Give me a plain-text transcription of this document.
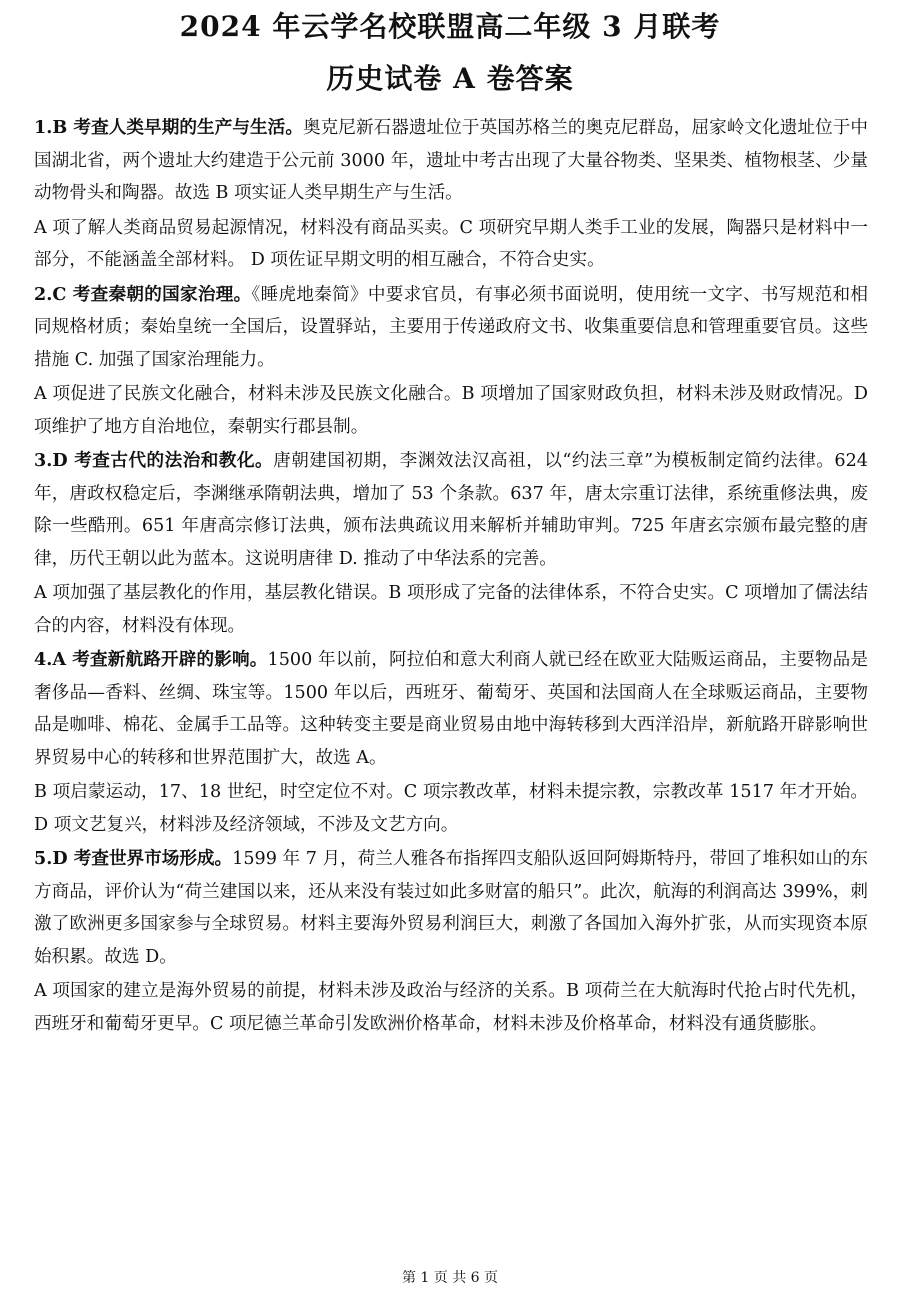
2024 年云学名校联盟高二年级 3 月联考
历史试卷 A 卷答案

1.B 考查人类早期的生产与生活。奥克尼新石器遗址位于英国苏格兰的奥克尼群岛，屈家岭文化遗址位于中国湖北省，两个遗址大约建造于公元前 3000 年，遗址中考古出现了大量谷物类、坚果类、植物根茎、少量动物骨头和陶器。故选 B 项实证人类早期生产与生活。

A 项了解人类商品贸易起源情况，材料没有商品买卖。C 项研究早期人类手工业的发展，陶器只是材料中一部分，不能涵盖全部材料。 D 项佐证早期文明的相互融合，不符合史实。

2.C 考查秦朝的国家治理。《睡虎地秦简》中要求官员，有事必须书面说明，使用统一文字、书写规范和相同规格材质；秦始皇统一全国后，设置驿站，主要用于传递政府文书、收集重要信息和管理重要官员。这些措施 C. 加强了国家治理能力。

A 项促进了民族文化融合，材料未涉及民族文化融合。B 项增加了国家财政负担，材料未涉及财政情况。D 项维护了地方自治地位，秦朝实行郡县制。

3.D 考查古代的法治和教化。唐朝建国初期，李渊效法汉高祖，以“约法三章”为模板制定简约法律。624 年，唐政权稳定后，李渊继承隋朝法典，增加了 53 个条款。637 年，唐太宗重订法律，系统重修法典，废除一些酷刑。651 年唐高宗修订法典，颁布法典疏议用来解析并辅助审判。725 年唐玄宗颁布最完整的唐律，历代王朝以此为蓝本。这说明唐律 D. 推动了中华法系的完善。

A 项加强了基层教化的作用，基层教化错误。B 项形成了完备的法律体系，不符合史实。C 项增加了儒法结合的内容，材料没有体现。

4.A 考查新航路开辟的影响。1500 年以前，阿拉伯和意大利商人就已经在欧亚大陆贩运商品，主要物品是奢侈品—香料、丝绸、珠宝等。1500 年以后，西班牙、葡萄牙、英国和法国商人在全球贩运商品，主要物品是咖啡、棉花、金属手工品等。这种转变主要是商业贸易由地中海转移到大西洋沿岸，新航路开辟影响世界贸易中心的转移和世界范围扩大，故选 A。

B 项启蒙运动，17、18 世纪，时空定位不对。C 项宗教改革，材料未提宗教，宗教改革 1517 年才开始。D 项文艺复兴，材料涉及经济领域，不涉及文艺方向。

5.D 考查世界市场形成。1599 年 7 月，荷兰人雅各布指挥四支船队返回阿姆斯特丹，带回了堆积如山的东方商品，评价认为“荷兰建国以来，还从来没有装过如此多财富的船只”。此次，航海的利润高达 399%，刺激了欧洲更多国家参与全球贸易。材料主要海外贸易利润巨大，刺激了各国加入海外扩张，从而实现资本原始积累。故选 D。

A 项国家的建立是海外贸易的前提，材料未涉及政治与经济的关系。B 项荷兰在大航海时代抢占时代先机，西班牙和葡萄牙更早。C 项尼德兰革命引发欧洲价格革命，材料未涉及价格革命，材料没有通货膨胀。

第 1 页 共 6 页
